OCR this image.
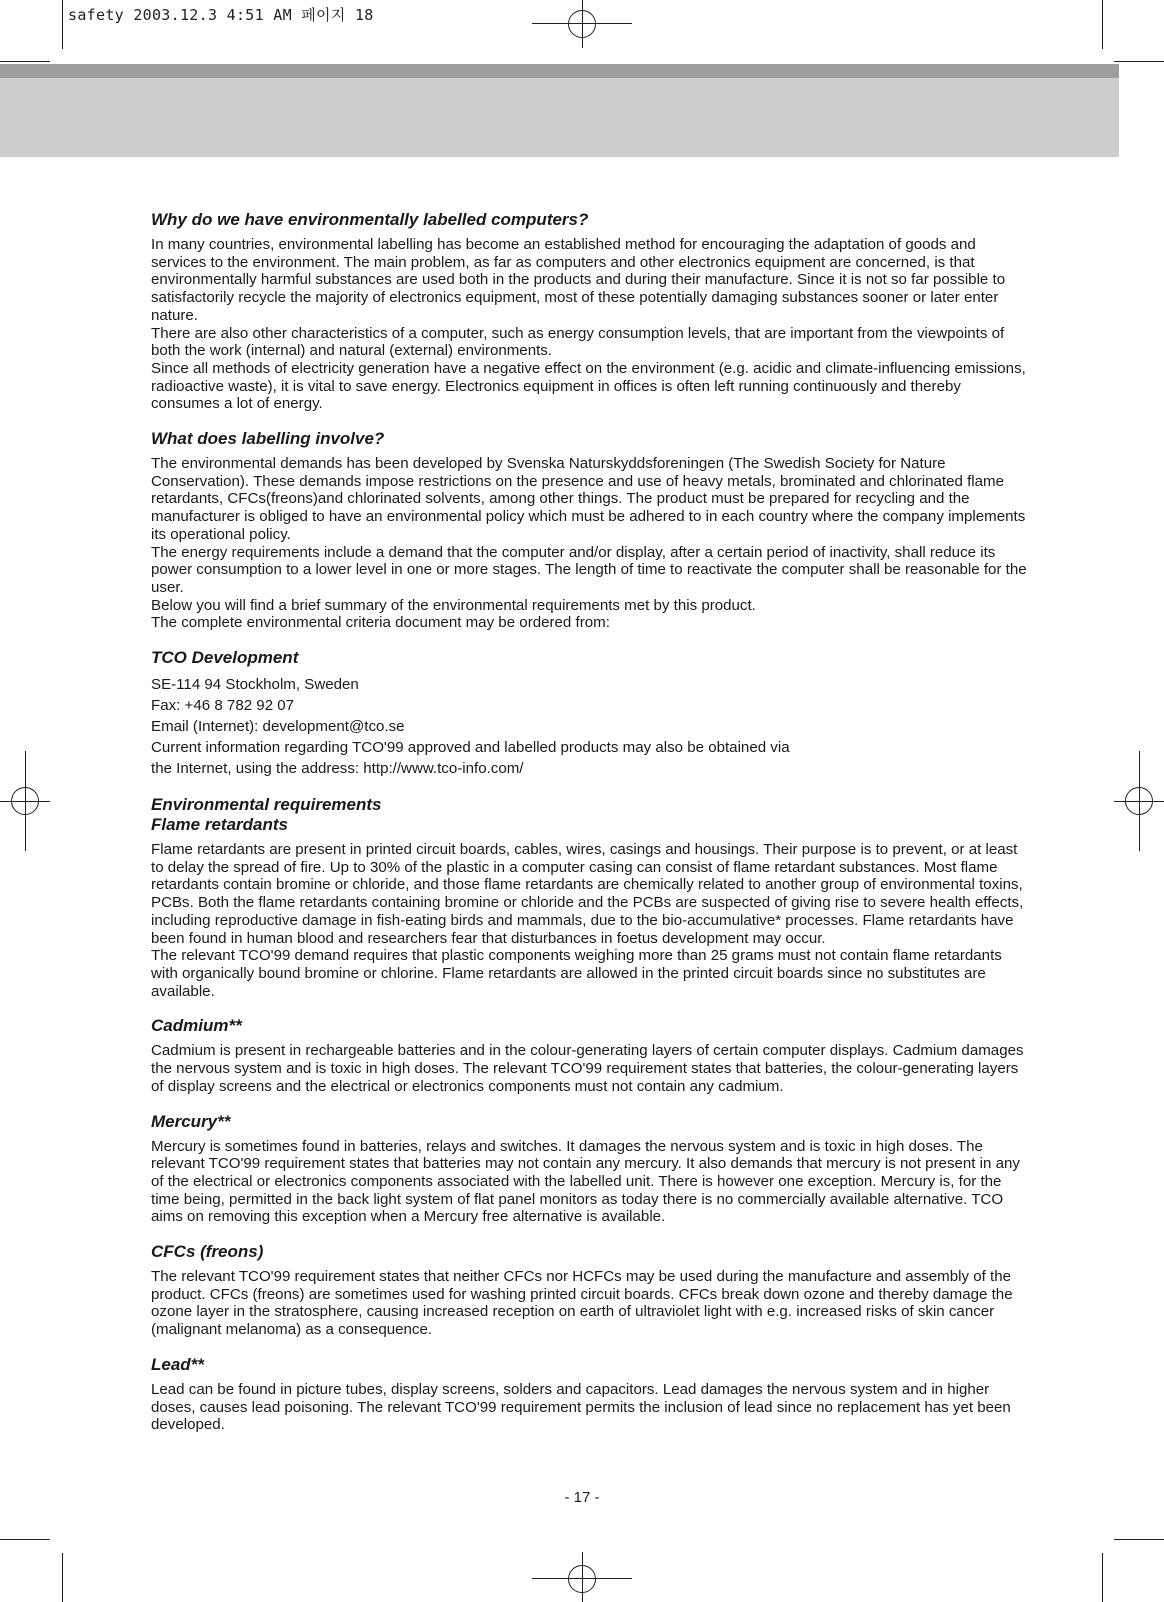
safety 2003.12.3 4:51 AM 페이지 18
Why do we have environmentally labelled computers?

In many countries, environmental labelling has become an established method for encouraging the adaptation of goods and services to the environment. The main problem, as far as computers and other electronics equipment are concerned, is that environmentally harmful substances are used both in the products and during their manufacture. Since it is not so far possible to satisfactorily recycle the majority of electronics equipment, most of these potentially damaging substances sooner or later enter nature.

There are also other characteristics of a computer, such as energy consumption levels, that are important from the viewpoints of both the work (internal) and natural (external) environments.

Since all methods of electricity generation have a negative effect on the environment (e.g. acidic and climate-influencing emissions, radioactive waste), it is vital to save energy. Electronics equipment in offices is often left running continuously and thereby consumes a lot of energy.

What does labelling involve?

The environmental demands has been developed by Svenska Naturskyddsforeningen (The Swedish Society for Nature Conservation). These demands impose restrictions on the presence and use of heavy metals, brominated and chlorinated flame retardants, CFCs(freons)and chlorinated solvents, among other things. The product must be prepared for recycling and the manufacturer is obliged to have an environmental policy which must be adhered to in each country where the company implements its operational policy.

The energy requirements include a demand that the computer and/or display, after a certain period of inactivity, shall reduce its power consumption to a lower level in one or more stages. The length of time to reactivate the computer shall be reasonable for the user.

Below you will find a brief summary of the environmental requirements met by this product.

The complete environmental criteria document may be ordered from:

TCO Development

SE-114 94 Stockholm, Sweden

Fax: +46 8 782 92 07

Email (Internet): development@tco.se

Current information regarding TCO'99 approved and labelled products may also be obtained via

the Internet, using the address: http://www.tco-info.com/

Environmental requirements
Flame retardants

Flame retardants are present in printed circuit boards, cables, wires, casings and housings. Their purpose is to prevent, or at least to delay the spread of fire. Up to 30% of the plastic in a computer casing can consist of flame retardant substances. Most flame retardants contain bromine or chloride, and those flame retardants are chemically related to another group of environmental toxins, PCBs. Both the flame retardants containing bromine or chloride and the PCBs are suspected of giving rise to severe health effects, including reproductive damage in fish-eating birds and mammals, due to the bio-accumulative* processes. Flame retardants have been found in human blood and researchers fear that disturbances in foetus development may occur.

The relevant TCO'99 demand requires that plastic components weighing more than 25 grams must not contain flame retardants with organically bound bromine or chlorine. Flame retardants are allowed in the printed circuit boards since no substitutes are available.

Cadmium**

Cadmium is present in rechargeable batteries and in the colour-generating layers of certain computer displays. Cadmium damages the nervous system and is toxic in high doses. The relevant TCO'99 requirement states that batteries, the colour-generating layers of display screens and the electrical or electronics components must not contain any cadmium.

Mercury**

Mercury is sometimes found in batteries, relays and switches. It damages the nervous system and is toxic in high doses. The relevant TCO'99 requirement states that batteries may not contain any mercury. It also demands that mercury is not present in any of the electrical or electronics components associated with the labelled unit. There is however one exception. Mercury is, for the time being, permitted in the back light system of flat panel monitors as today there is no commercially available alternative. TCO aims on removing this exception when a Mercury free alternative is available.

CFCs (freons)

The relevant TCO'99 requirement states that neither CFCs nor HCFCs may be used during the manufacture and assembly of the product. CFCs (freons) are sometimes used for washing printed circuit boards. CFCs break down ozone and thereby damage the ozone layer in the stratosphere, causing increased reception on earth of ultraviolet light with e.g. increased risks of skin cancer (malignant melanoma) as a consequence.

Lead**

Lead can be found in picture tubes, display screens, solders and capacitors. Lead damages the nervous system and in higher doses, causes lead poisoning. The relevant TCO'99 requirement permits the inclusion of lead since no replacement has yet been developed.

- 17 -
